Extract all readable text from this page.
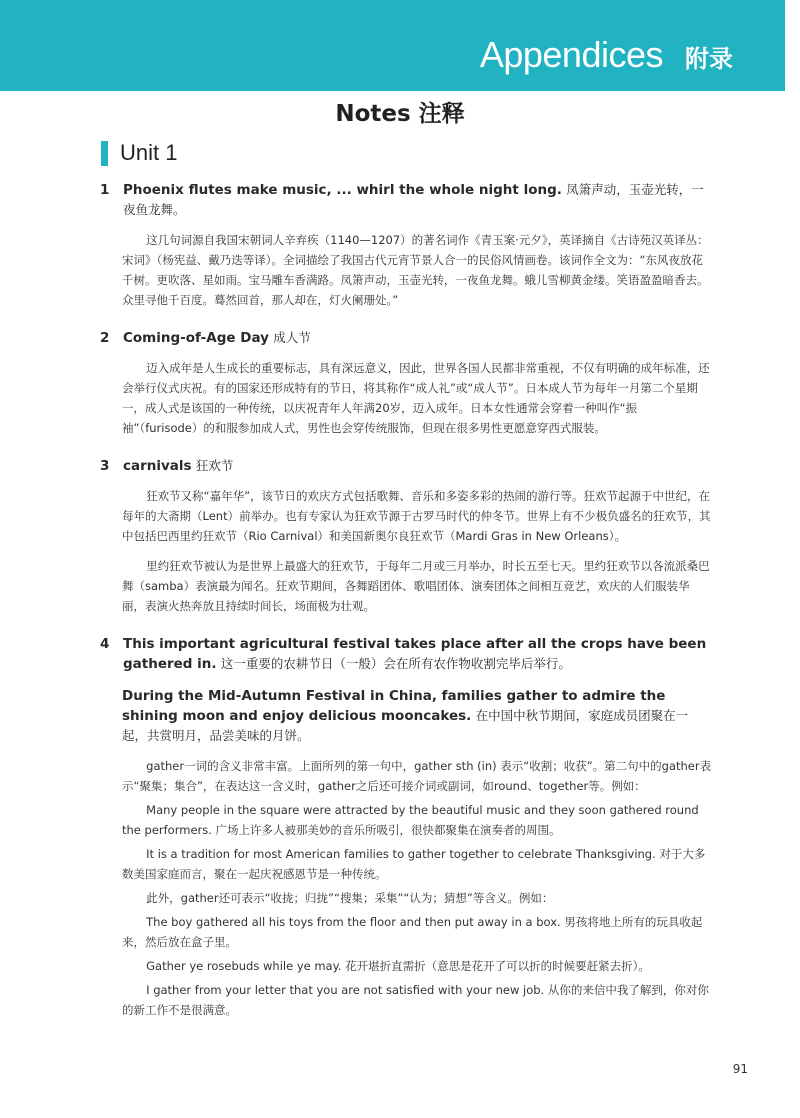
Appendices 附录
Notes 注释
Unit 1
1 Phoenix flutes make music, ... whirl the whole night long. 凤箫声动，玉壶光转，一夜鱼龙舞。

这几句词源自我国宋朝词人辛弃疾（1140—1207）的著名词作《青玉案·元夕》，英译摘自《古诗苑汉英译丛：宋词》（杨宪益、戴乃迭等译）。全词描绘了我国古代元宵节景人合一的民俗风情画卷。该词作全文为：“东风夜放花千树。更吹落、星如雨。宝马雕车香满路。凤箫声动，玉壶光转，一夜鱼龙舞。蛾儿雪柳黄金缕。笑语盈盈暗香去。众里寻他千百度。蓦然回首，那人却在，灯火阑珊处。”

2 Coming-of-Age Day 成人节

迈入成年是人生成长的重要标志，具有深远意义，因此，世界各国人民都非常重视，不仅有明确的成年标准，还会举行仪式庆祝。有的国家还形成特有的节日，将其称作“成人礼”或“成人节”。日本成人节为每年一月第二个星期一，成人式是该国的一种传统，以庆祝青年人年满20岁，迈入成年。日本女性通常会穿着一种叫作“振袖”（furisode）的和服参加成人式，男性也会穿传统服饰，但现在很多男性更愿意穿西式服装。

3 carnivals 狂欢节

狂欢节又称“嘉年华”，该节日的欢庆方式包括歌舞、音乐和多姿多彩的热闹的游行等。狂欢节起源于中世纪，在每年的大斋期（Lent）前举办。也有专家认为狂欢节源于古罗马时代的仲冬节。世界上有不少极负盛名的狂欢节，其中包括巴西里约狂欢节（Rio Carnival）和美国新奥尔良狂欢节（Mardi Gras in New Orleans）。

里约狂欢节被认为是世界上最盛大的狂欢节，于每年二月或三月举办，时长五至七天。里约狂欢节以各流派桑巴舞（samba）表演最为闻名。狂欢节期间，各舞蹈团体、歌唱团体、演奏团体之间相互竞艺，欢庆的人们服装华丽，表演火热奔放且持续时间长，场面极为壮观。

4 This important agricultural festival takes place after all the crops have been gathered in. 这一重要的农耕节日（一般）会在所有农作物收割完毕后举行。
During the Mid-Autumn Festival in China, families gather to admire the shining moon and enjoy delicious mooncakes. 在中国中秋节期间，家庭成员团聚在一起，共赏明月，品尝美味的月饼。

gather一词的含义非常丰富。上面所列的第一句中，gather sth (in) 表示“收割；收获”。第二句中的gather表示“聚集；集合”，在表达这一含义时，gather之后还可接介词或副词，如round、together等。例如：

Many people in the square were attracted by the beautiful music and they soon gathered round the performers. 广场上许多人被那美妙的音乐所吸引，很快都聚集在演奏者的周围。

It is a tradition for most American families to gather together to celebrate Thanksgiving. 对于大多数美国家庭而言，聚在一起庆祝感恩节是一种传统。

此外，gather还可表示“收拢；归拢”“搜集；采集”“认为；猜想”等含义。例如：

The boy gathered all his toys from the floor and then put away in a box. 男孩将地上所有的玩具收起来，然后放在盒子里。

Gather ye rosebuds while ye may. 花开堪折直需折（意思是花开了可以折的时候要赶紧去折）。

I gather from your letter that you are not satisfied with your new job. 从你的来信中我了解到，你对你的新工作不是很满意。

91
